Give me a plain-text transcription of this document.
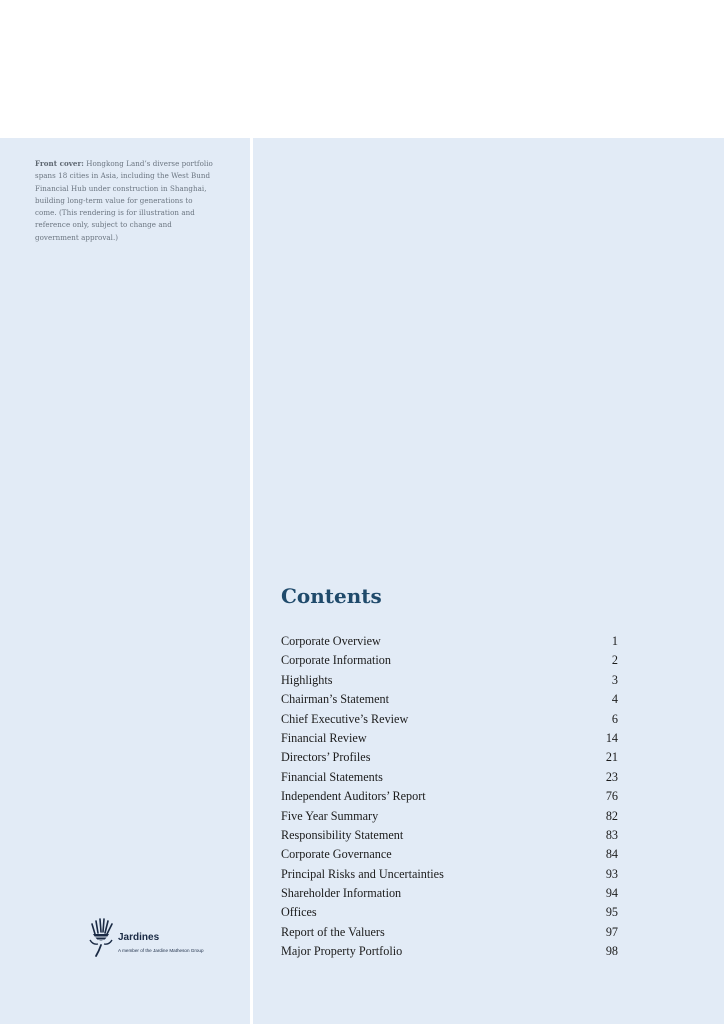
Front cover: Hongkong Land’s diverse portfolio spans 18 cities in Asia, including the West Bund Financial Hub under construction in Shanghai, building long-term value for generations to come. (This rendering is for illustration and reference only, subject to change and government approval.)

Jardines
A member of the Jardine Matheson Group
Contents
Corporate Overview	1
Corporate Information	2
Highlights	3
Chairman’s Statement	4
Chief Executive’s Review	6
Financial Review	14
Directors’ Profiles	21
Financial Statements	23
Independent Auditors’ Report	76
Five Year Summary	82
Responsibility Statement	83
Corporate Governance	84
Principal Risks and Uncertainties	93
Shareholder Information	94
Offices	95
Report of the Valuers	97
Major Property Portfolio	98
